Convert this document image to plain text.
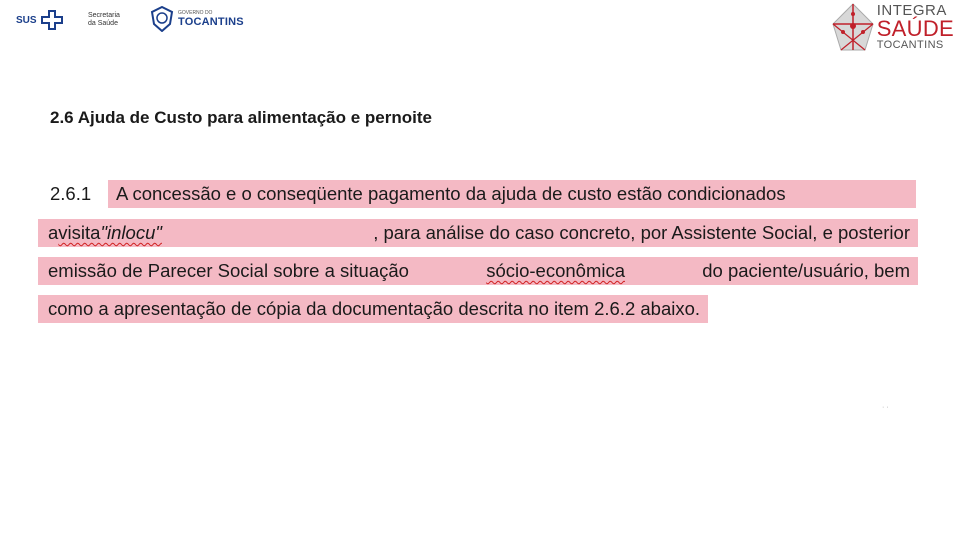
SUS	Secretaria
da Saúde
GOVERNO DO
TOCANTINS
INTEGRA
SAÚDE
TOCANTINS
2.6 Ajuda de Custo para alimentação e pernoite
2.6.1 A concessão e o conseqüente pagamento da ajuda de custo estão condicionados
a visita "in locu"	, para análise do caso concreto, por Assistente Social, e posterior
emissão de Parecer Social sobre a situação	sócio-econômica	do paciente/usuário, bem
como a apresentação de cópia da documentação descrita no item 2.6.2 abaixo.
· ·
